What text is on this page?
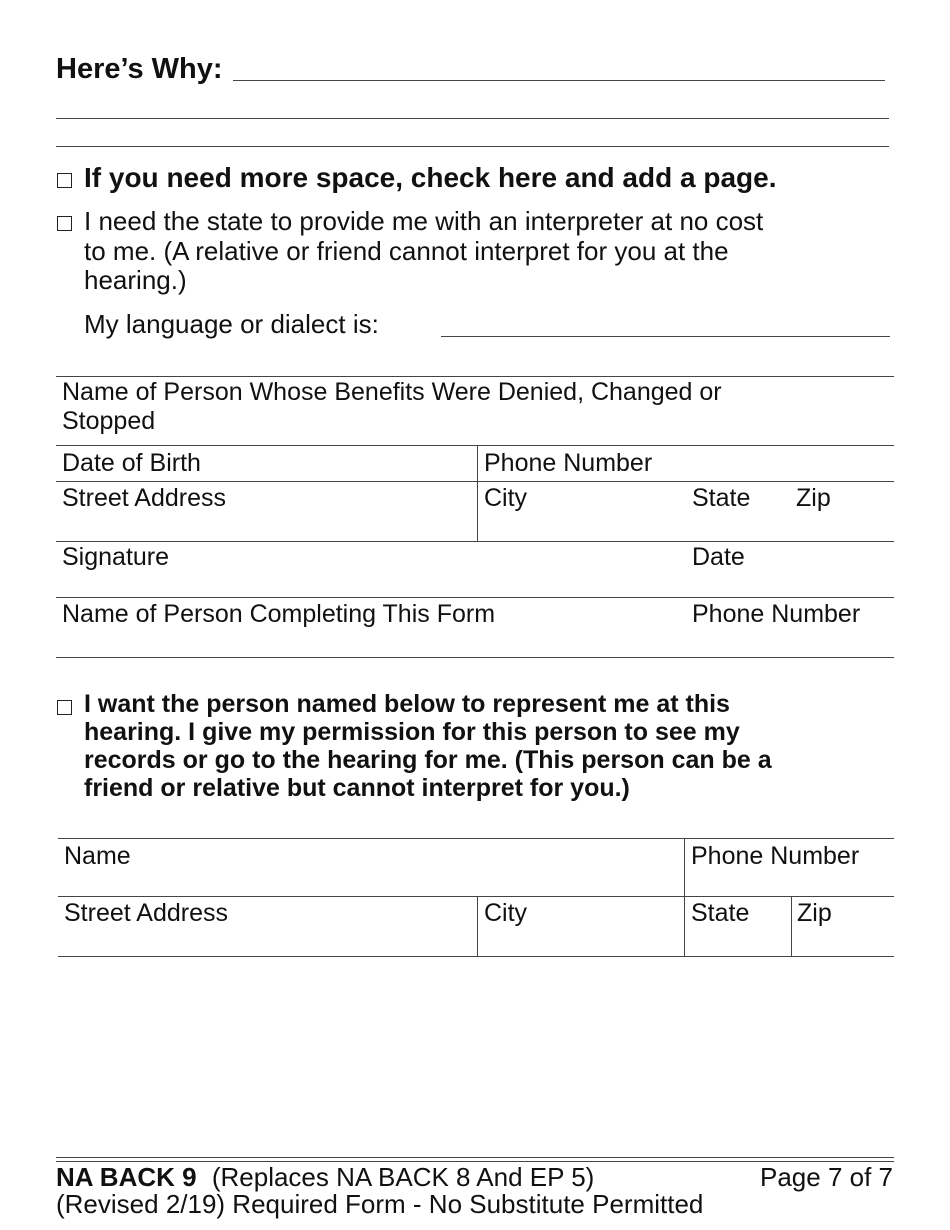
Here’s Why:
If you need more space, check here and add a page.
I need the state to provide me with an interpreter at no cost
to me. (A relative or friend cannot interpret for you at the
hearing.)
My language or dialect is:
Name of Person Whose Benefits Were Denied, Changed or
Stopped
Date of Birth	Phone Number
Street Address	City	State Zip
Signature	Date
Name of Person Completing This Form	Phone Number
I want the person named below to represent me at this
hearing. I give my permission for this person to see my
records or go to the hearing for me. (This person can be a
friend or relative but cannot interpret for you.)
Name	Phone Number
Street Address	City	State Zip
NA BACK 9 (Replaces NA BACK 8 And EP 5)	Page 7 of 7
(Revised 2/19) Required Form - No Substitute Permitted
